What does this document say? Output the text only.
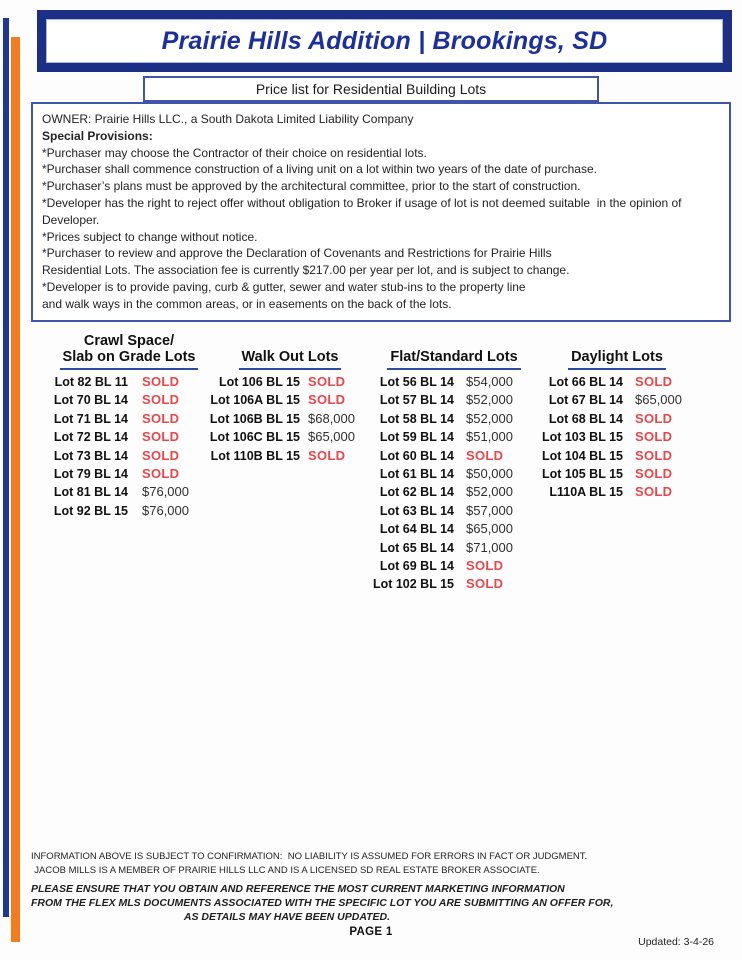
Prairie Hills Addition | Brookings, SD
Price list for Residential Building Lots
OWNER: Prairie Hills LLC., a South Dakota Limited Liability Company
Special Provisions:
*Purchaser may choose the Contractor of their choice on residential lots.
*Purchaser shall commence construction of a living unit on a lot within two years of the date of purchase.
*Purchaser’s plans must be approved by the architectural committee, prior to the start of construction.
*Developer has the right to reject offer without obligation to Broker if usage of lot is not deemed suitable  in the opinion of
Developer.
*Prices subject to change without notice.
*Purchaser to review and approve the Declaration of Covenants and Restrictions for Prairie Hills
Residential Lots. The association fee is currently $217.00 per year per lot, and is subject to change.
*Developer is to provide paving, curb & gutter, sewer and water stub-ins to the property line
and walk ways in the common areas, or in easements on the back of the lots.
Crawl Space/
Slab on Grade Lots
Lot 82 BL 11 SOLD
Lot 70 BL 14 SOLD
Lot 71 BL 14 SOLD
Lot 72 BL 14 SOLD
Lot 73 BL 14 SOLD
Lot 79 BL 14 SOLD
Lot 81 BL 14 $76,000
Lot 92 BL 15 $76,000
Walk Out Lots
Lot 106 BL 15 SOLD
Lot 106A BL 15 SOLD
Lot 106B BL 15 $68,000
Lot 106C BL 15 $65,000
Lot 110B BL 15 SOLD
Flat/Standard Lots
Lot 56 BL 14 $54,000
Lot 57 BL 14 $52,000
Lot 58 BL 14 $52,000
Lot 59 BL 14 $51,000
Lot 60 BL 14 SOLD
Lot 61 BL 14 $50,000
Lot 62 BL 14 $52,000
Lot 63 BL 14 $57,000
Lot 64 BL 14 $65,000
Lot 65 BL 14 $71,000
Lot 69 BL 14 SOLD
Lot 102 BL 15 SOLD
Daylight Lots
Lot 66 BL 14 SOLD
Lot 67 BL 14 $65,000
Lot 68 BL 14 SOLD
Lot 103 BL 15 SOLD
Lot 104 BL 15 SOLD
Lot 105 BL 15 SOLD
L110A BL 15 SOLD
INFORMATION ABOVE IS SUBJECT TO CONFIRMATION:  NO LIABILITY IS ASSUMED FOR ERRORS IN FACT OR JUDGMENT.
JACOB MILLS IS A MEMBER OF PRAIRIE HILLS LLC AND IS A LICENSED SD REAL ESTATE BROKER ASSOCIATE.
PLEASE ENSURE THAT YOU OBTAIN AND REFERENCE THE MOST CURRENT MARKETING INFORMATION
FROM THE FLEX MLS DOCUMENTS ASSOCIATED WITH THE SPECIFIC LOT YOU ARE SUBMITTING AN OFFER FOR,
AS DETAILS MAY HAVE BEEN UPDATED.
PAGE 1
Updated: 3-4-26
